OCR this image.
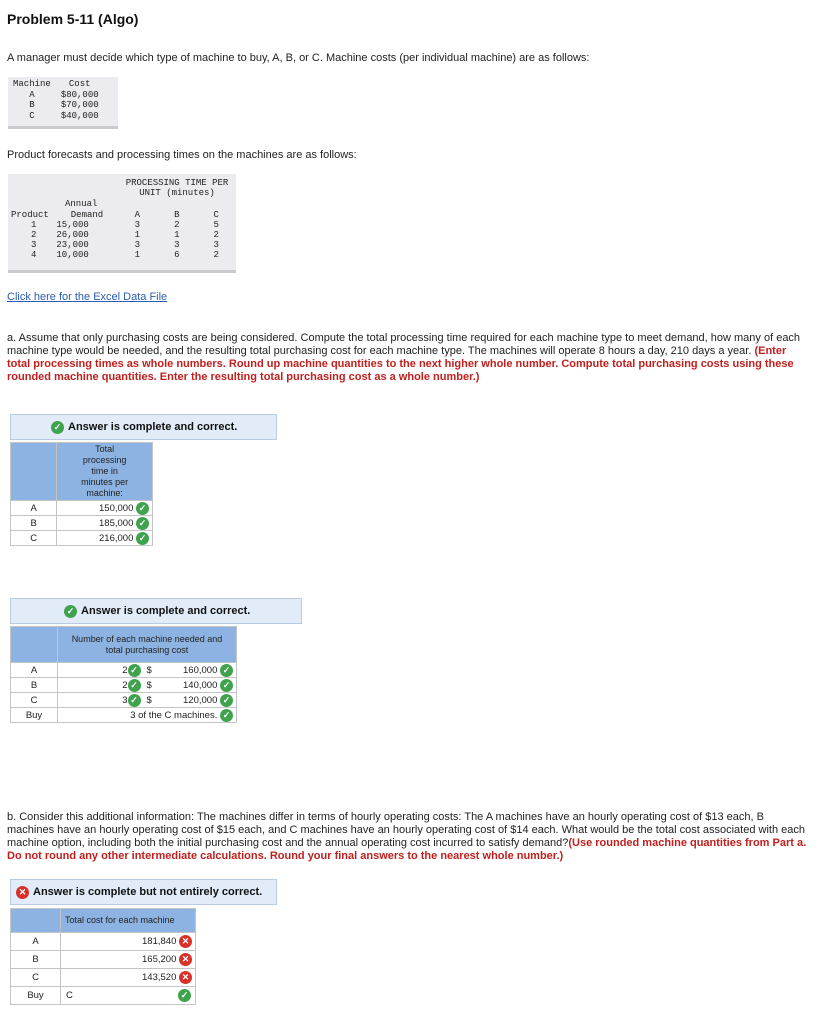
Problem 5-11 (Algo)
A manager must decide which type of machine to buy, A, B, or C. Machine costs (per individual machine) are as follows:
Machine	Cost
A	$80,000
B	$70,000
C	$40,000
Product forecasts and processing times on the machines are as follows:
PROCESSING TIME PER
UNIT (minutes)
Annual
Product	Demand	A	B	C
1	15,000	3	2	5
2	26,000	1	1	2
3	23,000	3	3	3
4	10,000	1	6	2
Click here for the Excel Data File
a. Assume that only purchasing costs are being considered. Compute the total processing time required for each machine type to meet demand, how many of each machine type would be needed, and the resulting total purchasing cost for each machine type. The machines will operate 8 hours a day, 210 days a year. (Enter total processing times as whole numbers. Round up machine quantities to the next higher whole number. Compute total purchasing costs using these rounded machine quantities. Enter the resulting total purchasing cost as a whole number.)
✓ Answer is complete and correct.
	Total processing time in minutes per machine:
A	150,000 ✓
B	185,000 ✓
C	216,000 ✓
✓ Answer is complete and correct.
	Number of each machine needed and total purchasing cost		
A	2 ✓	$	160,000 ✓
B	2 ✓	$	140,000 ✓
C	3 ✓	$	120,000 ✓
Buy	3 of the C machines. ✓		
b. Consider this additional information: The machines differ in terms of hourly operating costs: The A machines have an hourly operating cost of $13 each, B machines have an hourly operating cost of $15 each, and C machines have an hourly operating cost of $14 each. What would be the total cost associated with each machine option, including both the initial purchasing cost and the annual operating cost incurred to satisfy demand?(Use rounded machine quantities from Part a. Do not round any other intermediate calculations. Round your final answers to the nearest whole number.)
✕ Answer is complete but not entirely correct.
	Total cost for each machine
A	181,840 ✕
B	165,200 ✕
C	143,520 ✕
Buy	C ✓
